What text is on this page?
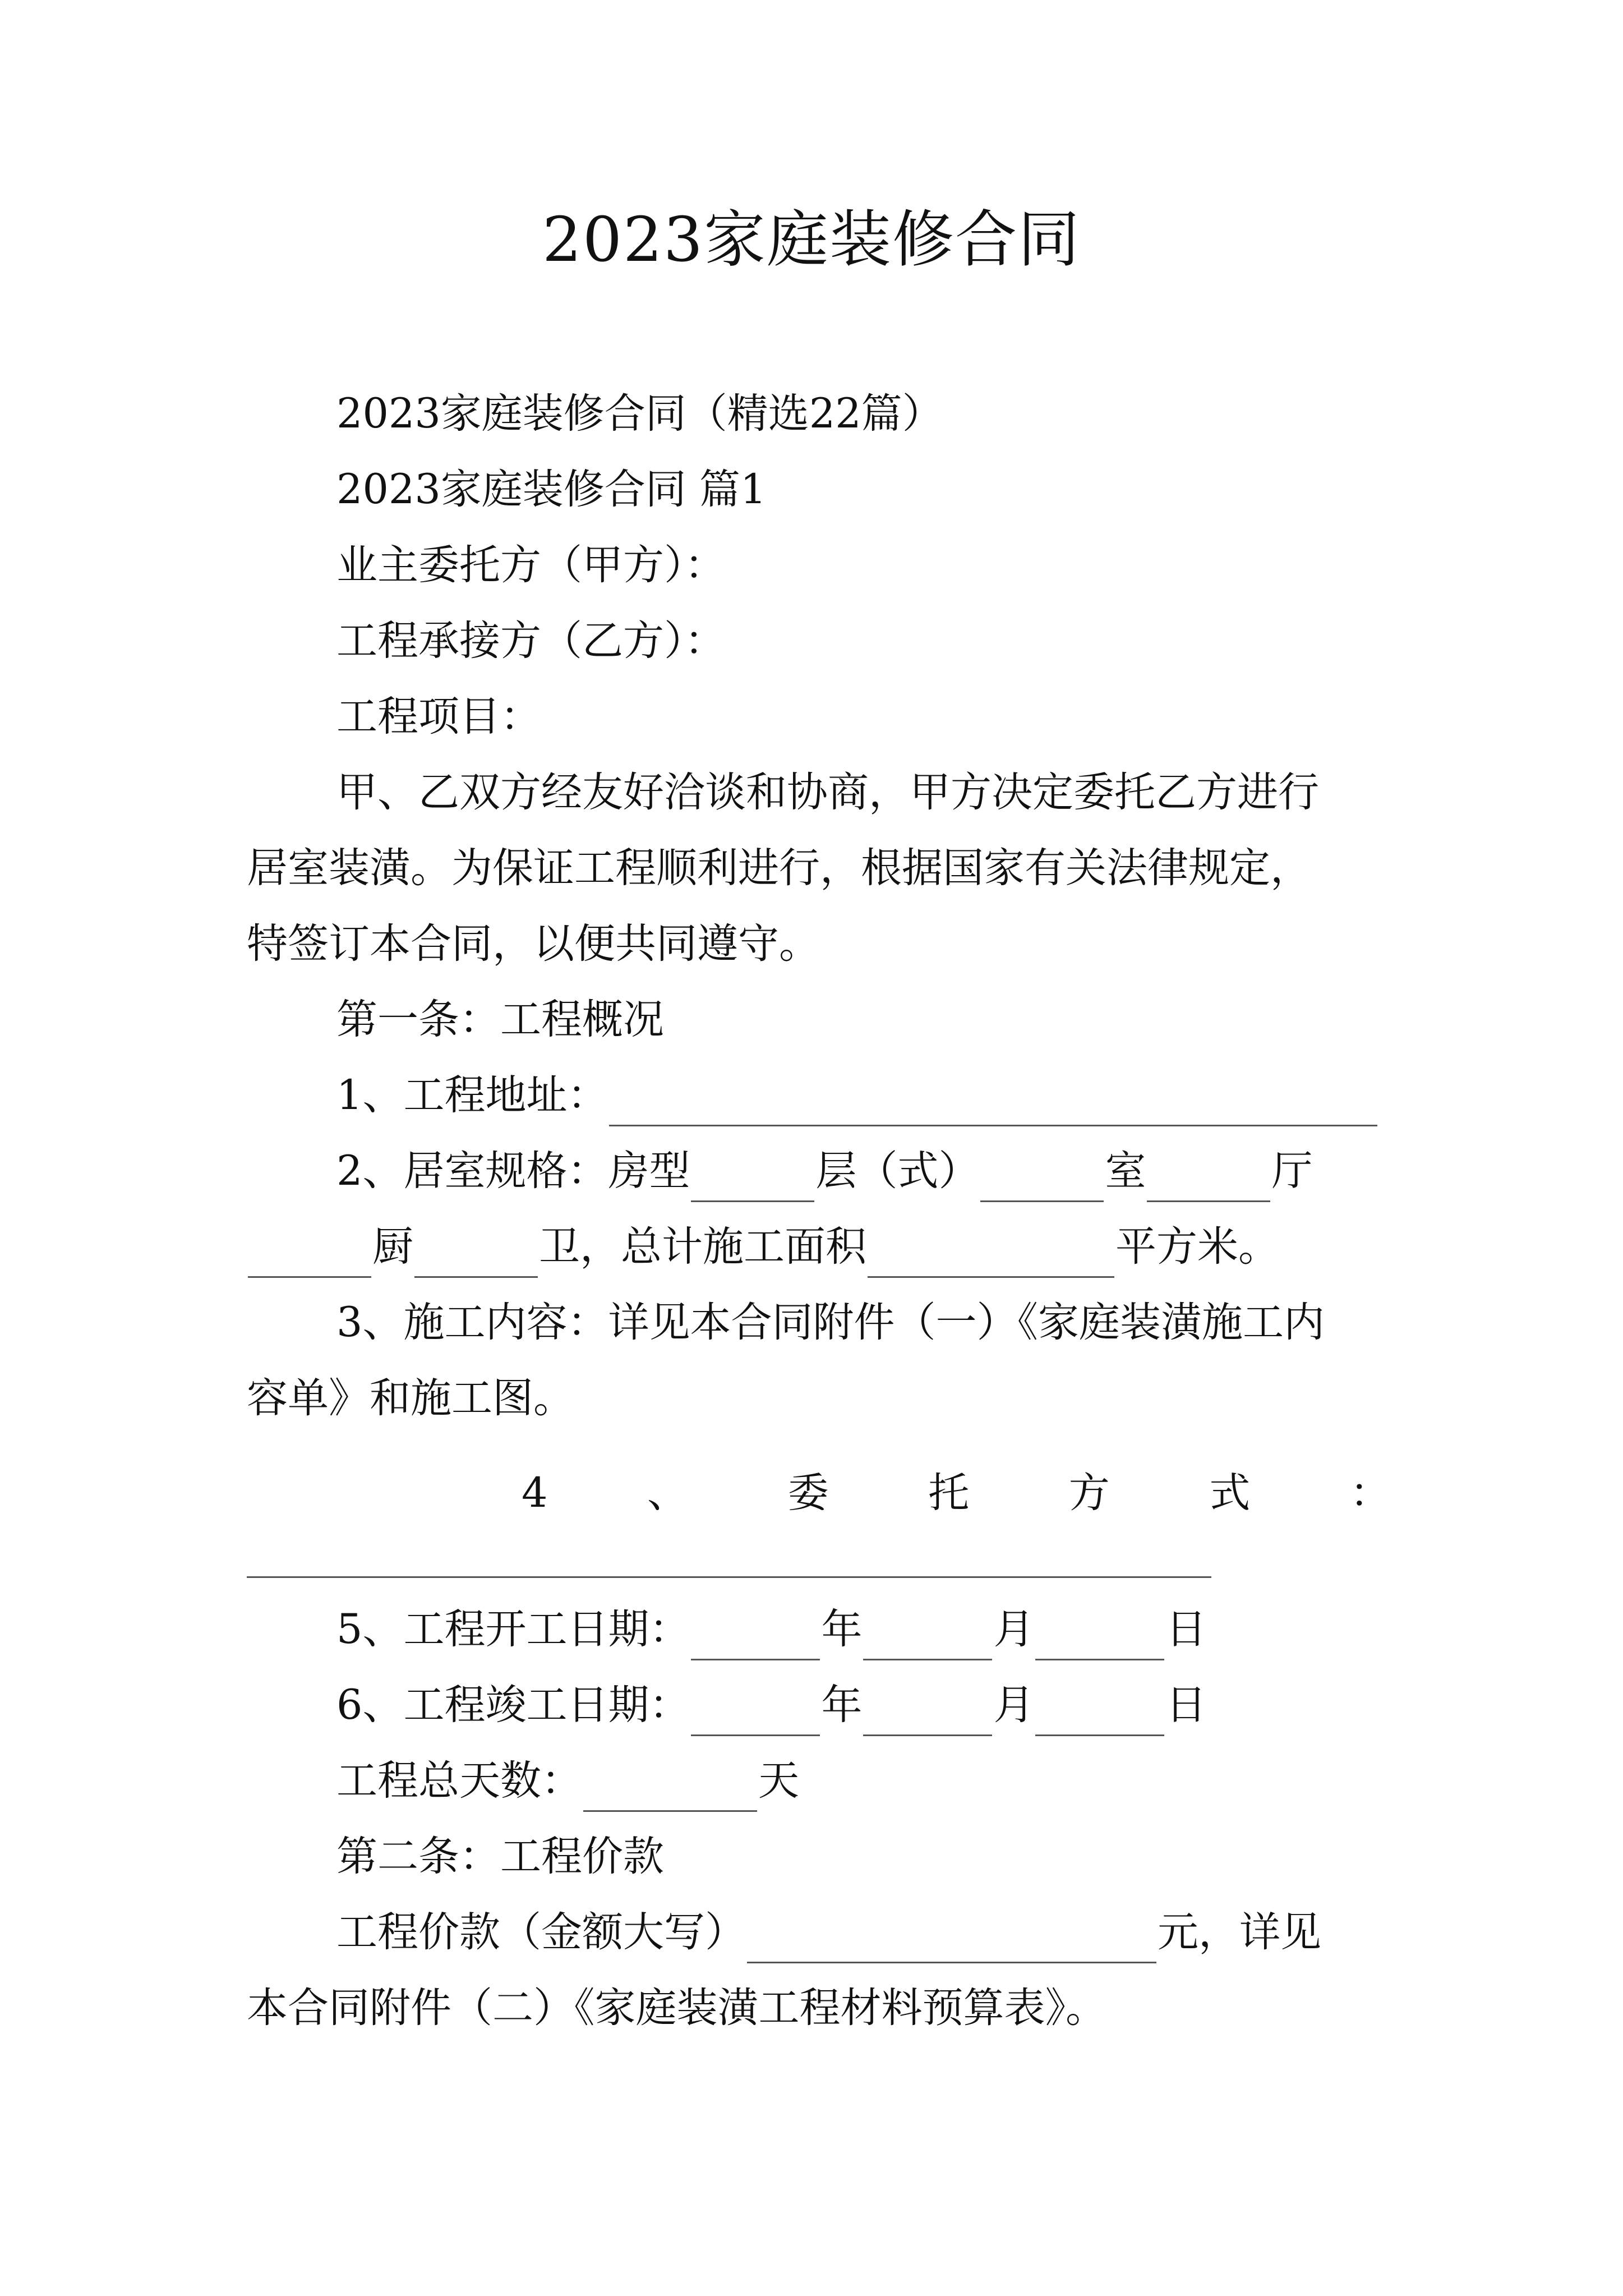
2023家庭装修合同
2023家庭装修合同（精选22篇）
2023家庭装修合同 篇1
业主委托方（甲方）：
工程承接方（乙方）：
工程项目：
甲、乙双方经友好洽谈和协商，甲方决定委托乙方进行
居室装潢。为保证工程顺利进行，根据国家有关法律规定，
特签订本合同，以便共同遵守。
第一条：工程概况
1、工程地址：
2、居室规格：房型	层（式）	室	厅
厨	卫，总计施工面积	平方米。
3、施工内容：详见本合同附件（一）《家庭装潢施工内
容单》和施工图。
4 、 委 托 方 式 ：
5、工程开工日期：	年	月	日
6、工程竣工日期：	年	月	日
工程总天数：	天
第二条：工程价款
工程价款（金额大写）	元，详见
本合同附件（二）《家庭装潢工程材料预算表》。
